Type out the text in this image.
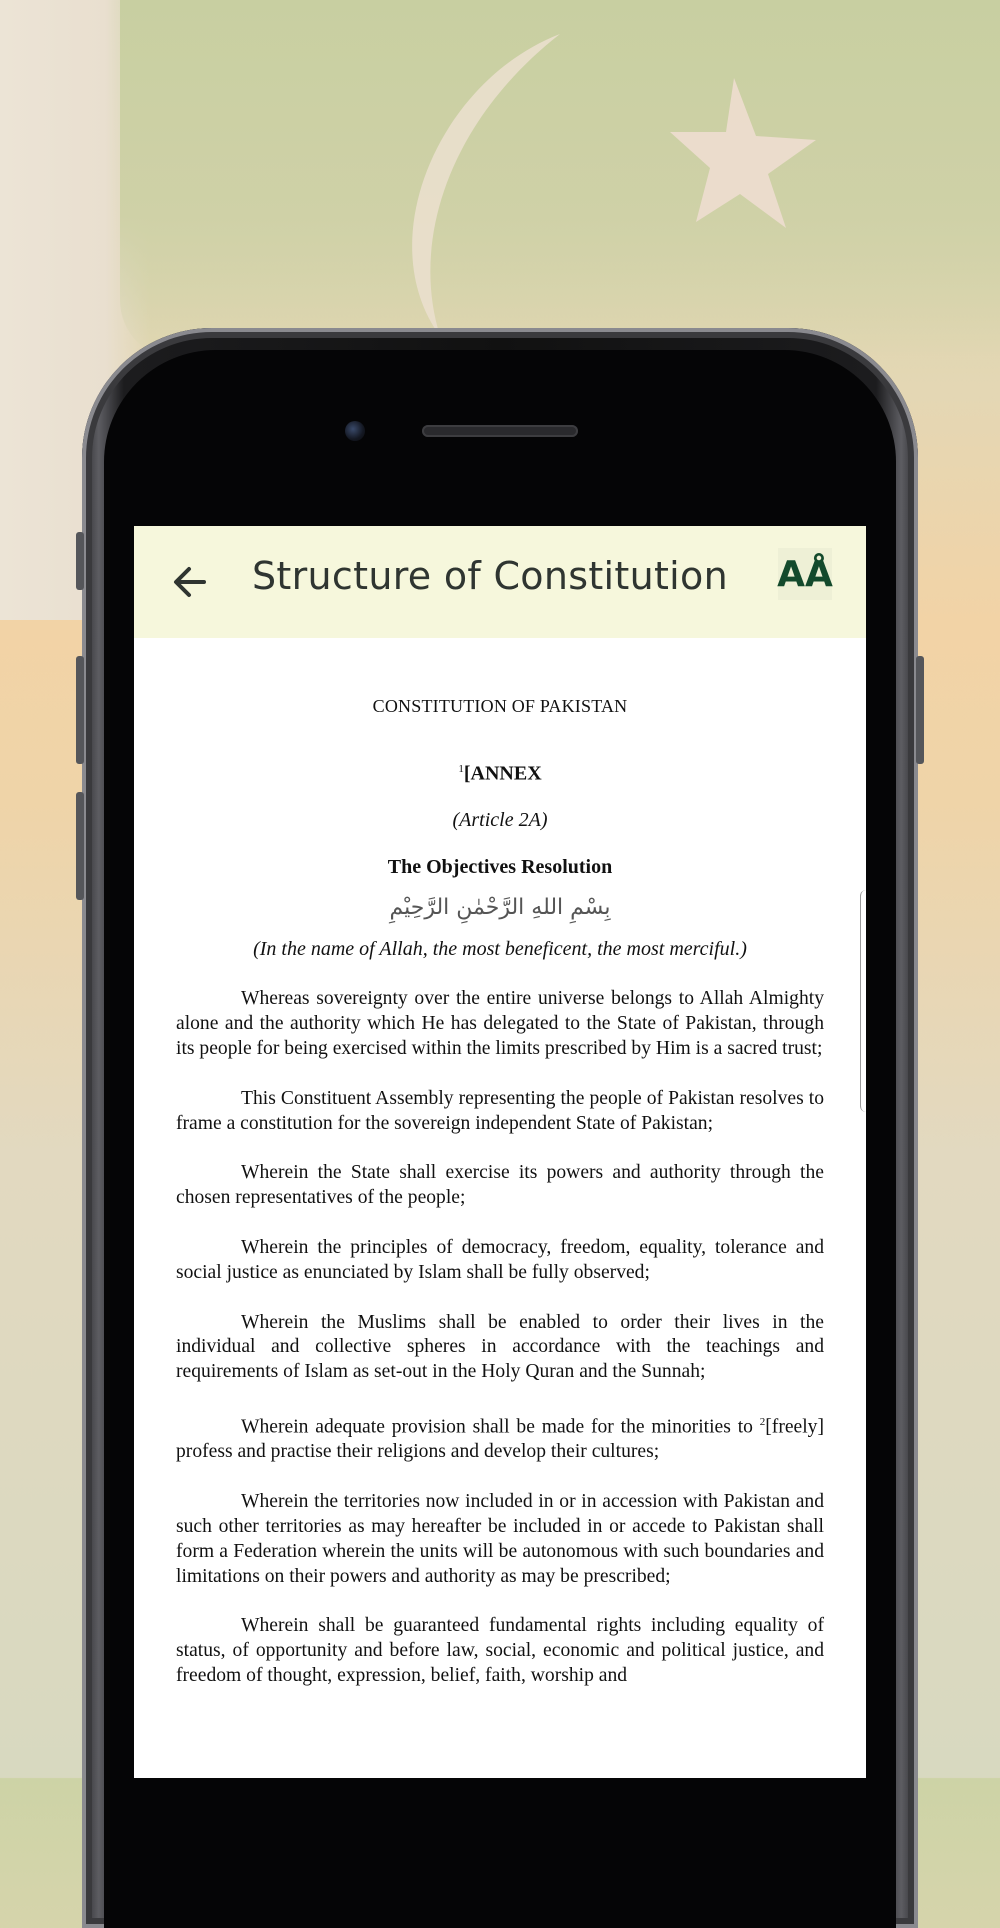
Structure of Constitution AÅ
CONSTITUTION OF PAKISTAN
$^1$[ANNEX
(Article 2A)
The Objectives Resolution
بِسْمِ اللهِ الرَّحْمٰنِ الرَّحِيْمِ
(In the name of Allah, the most beneficent, the most merciful.)

Whereas sovereignty over the entire universe belongs to Allah Almighty alone and the authority which He has delegated to the State of Pakistan, through its people for being exercised within the limits prescribed by Him is a sacred trust;

This Constituent Assembly representing the people of Pakistan resolves to frame a constitution for the sovereign independent State of Pakistan;

Wherein the State shall exercise its powers and authority through the chosen representatives of the people;

Wherein the principles of democracy, freedom, equality, tolerance and social justice as enunciated by Islam shall be fully observed;

Wherein the Muslims shall be enabled to order their lives in the individual and collective spheres in accordance with the teachings and requirements of Islam as set-out in the Holy Quran and the Sunnah;

Wherein adequate provision shall be made for the minorities to $^2$[freely] profess and practise their religions and develop their cultures;

Wherein the territories now included in or in accession with Pakistan and such other territories as may hereafter be included in or accede to Pakistan shall form a Federation wherein the units will be autonomous with such boundaries and limitations on their powers and authority as may be prescribed;

Wherein shall be guaranteed fundamental rights including equality of status, of opportunity and before law, social, economic and political justice, and freedom of thought, expression, belief, faith, worship and
